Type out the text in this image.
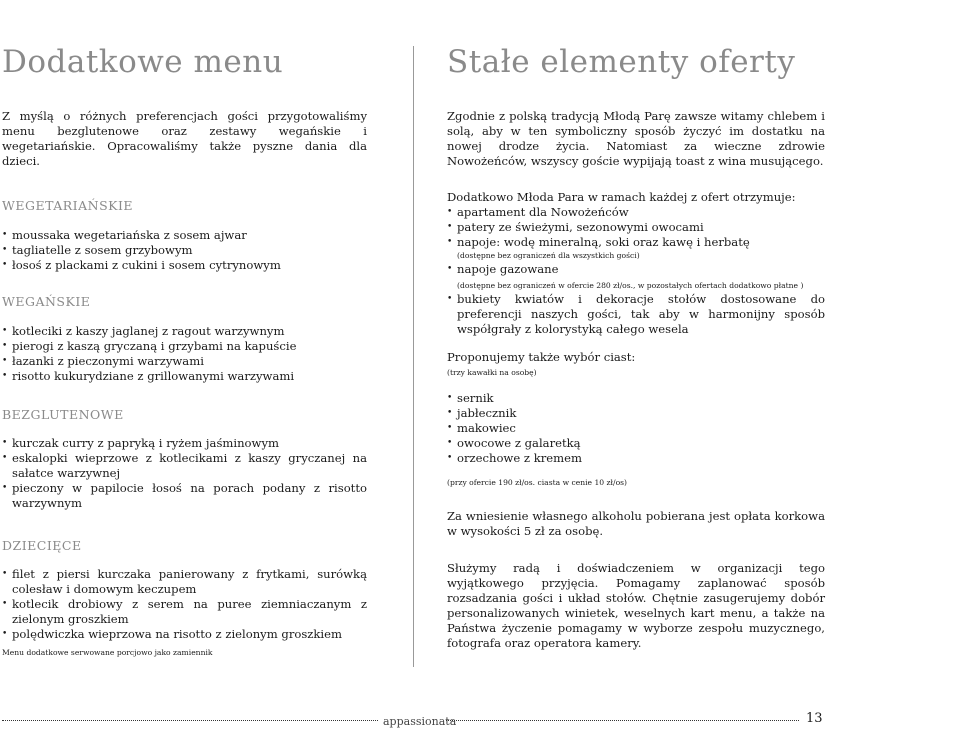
Dodatkowe menu

Z myślą o różnych preferencjach gości przygotowaliśmy menu bezglutenowe oraz zestawy wegańskie i wegetariańskie. Opracowaliśmy także pyszne dania dla dzieci.

WEGETARIAŃSKIE

• moussaka wegetariańska z sosem ajwar
• tagliatelle z sosem grzybowym
• łosoś z plackami z cukini i sosem cytrynowym

WEGAŃSKIE

• kotleciki z kaszy jaglanej z ragout warzywnym
• pierogi z kaszą gryczaną i grzybami na kapuście
• łazanki z pieczonymi warzywami
• risotto kukurydziane z grillowanymi warzywami

BEZGLUTENOWE

• kurczak curry z papryką i ryżem jaśminowym
• eskalopki wieprzowe z kotlecikami z kaszy gryczanej na sałatce warzywnej
• pieczony w papilocie łosoś na porach podany z risotto warzywnym

DZIECIĘCE

• filet z piersi kurczaka panierowany z frytkami, surówką colesław i domowym keczupem
• kotlecik drobiowy z serem na puree ziemniaczanym z zielonym groszkiem
• polędwiczka wieprzowa na risotto z zielonym groszkiem

Menu dodatkowe serwowane porcjowo jako zamiennik

Stałe elementy oferty

Zgodnie z polską tradycją Młodą Parę zawsze witamy chlebem i solą, aby w ten symboliczny sposób życzyć im dostatku na nowej drodze życia. Natomiast za wieczne zdrowie Nowożeńców, wszyscy goście wypijają toast z wina musującego.

Dodatkowo Młoda Para w ramach każdej z ofert otrzymuje:

• apartament dla Nowożeńców
• patery ze świeżymi, sezonowymi owocami
• napoje: wodę mineralną, soki oraz kawę i herbatę

(dostępne bez ograniczeń dla wszystkich gości)

• napoje gazowane

(dostępne bez ograniczeń w ofercie 280 zł/os., w pozostałych ofertach dodatkowo płatne )

• bukiety kwiatów i dekoracje stołów dostosowane do preferencji naszych gości, tak aby w harmonijny sposób współgrały z kolorystyką całego wesela

Proponujemy także wybór ciast:

(trzy kawałki na osobę)

• sernik
• jabłecznik
• makowiec
• owocowe z galaretką
• orzechowe z kremem

(przy ofercie 190 zł/os. ciasta w cenie 10 zł/os)

Za wniesienie własnego alkoholu pobierana jest opłata korkowa w wysokości 5 zł za osobę.

Służymy radą i doświadczeniem w organizacji tego wyjątkowego przyjęcia. Pomagamy zaplanować sposób rozsadzania gości i układ stołów. Chętnie zasugerujemy dobór personalizowanych winietek, weselnych kart menu, a także na Państwa życzenie pomagamy w wyborze zespołu muzycznego, fotografa oraz operatora kamery.

appassionata	13
